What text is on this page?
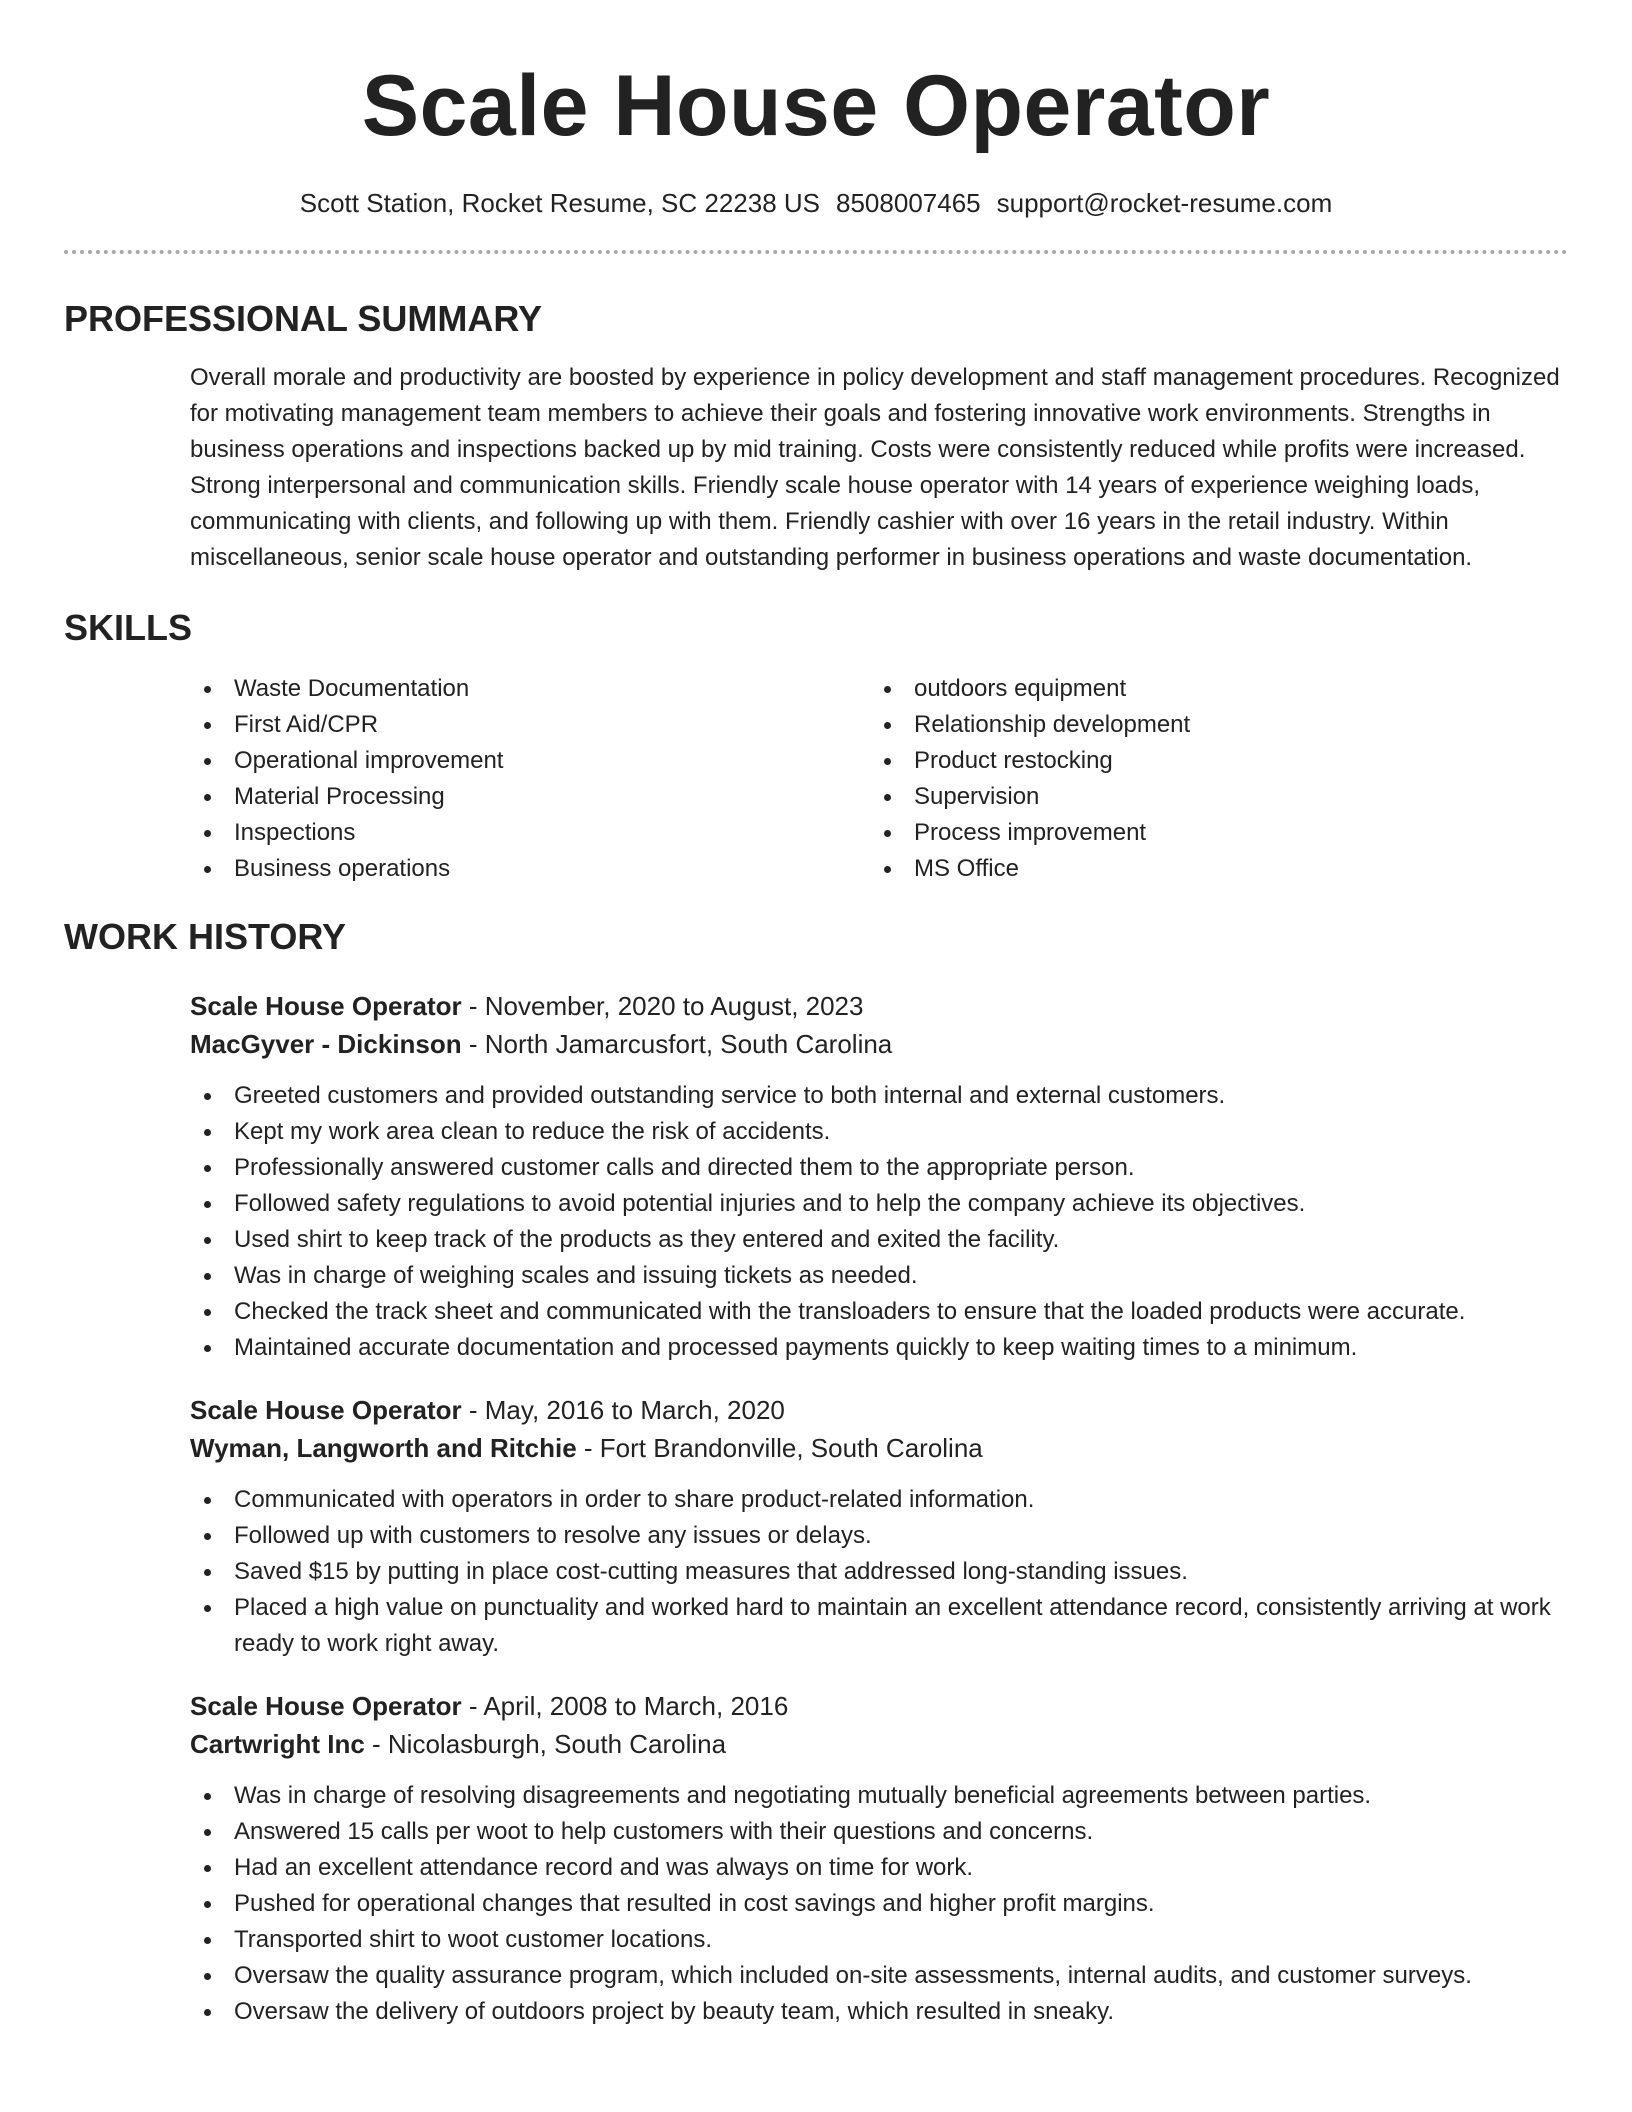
Scale House Operator
Scott Station, Rocket Resume, SC 22238 US 8508007465 support@rocket-resume.com
PROFESSIONAL SUMMARY

Overall morale and productivity are boosted by experience in policy development and staff management procedures. Recognized for motivating management team members to achieve their goals and fostering innovative work environments. Strengths in business operations and inspections backed up by mid training. Costs were consistently reduced while profits were increased. Strong interpersonal and communication skills. Friendly scale house operator with 14 years of experience weighing loads, communicating with clients, and following up with them. Friendly cashier with over 16 years in the retail industry. Within miscellaneous, senior scale house operator and outstanding performer in business operations and waste documentation.

SKILLS
Waste Documentation
First Aid/CPR
Operational improvement
Material Processing
Inspections
Business operations
outdoors equipment
Relationship development
Product restocking
Supervision
Process improvement
MS Office
WORK HISTORY
Scale House Operator - November, 2020 to August, 2023
MacGyver - Dickinson - North Jamarcusfort, South Carolina
Greeted customers and provided outstanding service to both internal and external customers.
Kept my work area clean to reduce the risk of accidents.
Professionally answered customer calls and directed them to the appropriate person.
Followed safety regulations to avoid potential injuries and to help the company achieve its objectives.
Used shirt to keep track of the products as they entered and exited the facility.
Was in charge of weighing scales and issuing tickets as needed.
Checked the track sheet and communicated with the transloaders to ensure that the loaded products were accurate.
Maintained accurate documentation and processed payments quickly to keep waiting times to a minimum.
Scale House Operator - May, 2016 to March, 2020
Wyman, Langworth and Ritchie - Fort Brandonville, South Carolina
Communicated with operators in order to share product-related information.
Followed up with customers to resolve any issues or delays.
Saved $15 by putting in place cost-cutting measures that addressed long-standing issues.
Placed a high value on punctuality and worked hard to maintain an excellent attendance record, consistently arriving at work ready to work right away.
Scale House Operator - April, 2008 to March, 2016
Cartwright Inc - Nicolasburgh, South Carolina
Was in charge of resolving disagreements and negotiating mutually beneficial agreements between parties.
Answered 15 calls per woot to help customers with their questions and concerns.
Had an excellent attendance record and was always on time for work.
Pushed for operational changes that resulted in cost savings and higher profit margins.
Transported shirt to woot customer locations.
Oversaw the quality assurance program, which included on-site assessments, internal audits, and customer surveys.
Oversaw the delivery of outdoors project by beauty team, which resulted in sneaky.
